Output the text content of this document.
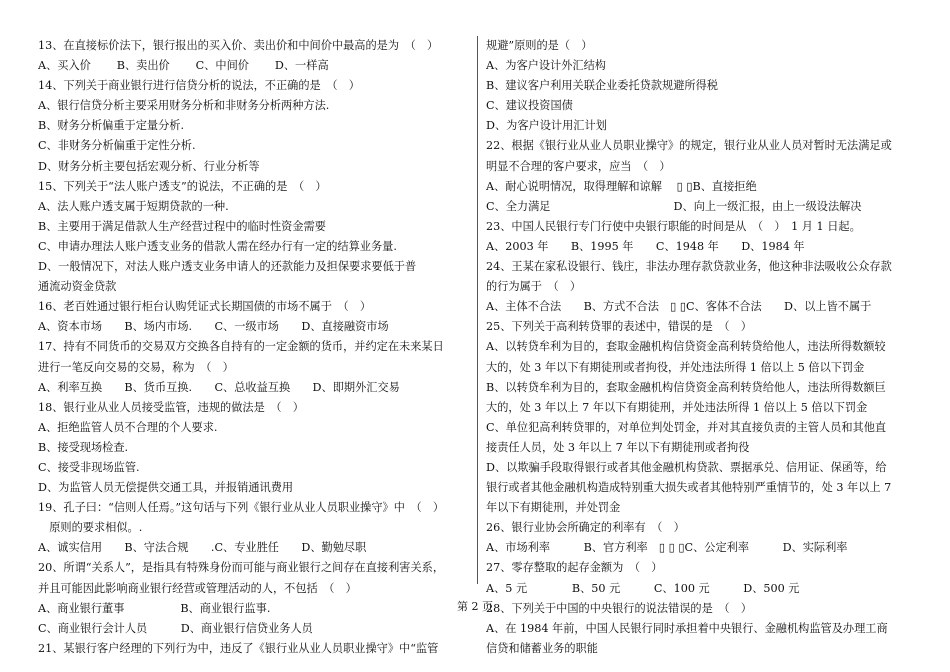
13、在直接标价法下，银行报出的买入价、卖出价和中间价中最高的是为　（　）
A、买入价　　 B、卖出价　　 C、中间价　　 D、一样高
14、下列关于商业银行进行信贷分析的说法，不正确的是　（　）
A、银行信贷分析主要采用财务分析和非财务分析两种方法.
B、财务分析偏重于定量分析.
C、非财务分析偏重于定性分析.
D、财务分析主要包括宏观分析、行业分析等
15、下列关于“法人账户透支”的说法，不正确的是　（　）
A、法人账户透支属于短期贷款的一种.
B、主要用于满足借款人生产经营过程中的临时性资金需要
C、申请办理法人账户透支业务的借款人需在经办行有一定的结算业务量.
D、一般情况下，对法人账户透支业务申请人的还款能力及担保要求要低于普
通流动资金贷款
16、老百姓通过银行柜台认购凭证式长期国债的市场不属于　（　）
A、资本市场　　B、场内市场.　　C、一级市场　　D、直接融资市场
17、持有不同货币的交易双方交换各自持有的一定金额的货币，并约定在未来某日
进行一笔反向交易的交易，称为　（　）
A、利率互换　　B、货币互换.　　C、总收益互换　　D、即期外汇交易
18、银行业从业人员接受监管，违规的做法是　（　）
A、拒绝监管人员不合理的个人要求.
B、接受现场检查.
C、接受非现场监管.
D、为监管人员无偿提供交通工具，并报销通讯费用
19、孔子曰：“信则人任焉。”这句话与下列《银行业从业人员职业操守》中　（　）
　原则的要求相似。.
A、诚实信用　　B、守法合规　　.C、专业胜任　　D、勤勉尽职
20、所谓“关系人”，是指具有特殊身份而可能与商业银行之间存在直接利害关系，
并且可能因此影响商业银行经营或管理活动的人，不包括　（　）
A、商业银行董事　　　　　B、商业银行监事.
C、商业银行会计人员　　　D、商业银行信贷业务人员
21、某银行客户经理的下列行为中，违反了《银行业从业人员职业操守》中“监管
规避”原则的是（　）
A、为客户设计外汇结构
B、建议客户利用关联企业委托贷款规避所得税
C、建议投资国债
D、为客户设计用汇计划
22、根据《银行业从业人员职业操守》的规定，银行业从业人员对暂时无法满足或
明显不合理的客户要求，应当　（　）
A、耐心说明情况，取得理解和谅解　 ▯ ▯B、直接拒绝
C、全力满足　　　　　　　　　　　D、向上一级汇报，由上一级设法解决
23、中国人民银行专门行使中央银行职能的时间是从　（　）　1 月 1 日起。
A、2003 年　　B、1995 年　　C、1948 年　　D、1984 年
24、王某在家私设银行、钱庄，非法办理存款贷款业务，他这种非法吸收公众存款
的行为属于　（　）
A、主体不合法　　B、方式不合法　▯ ▯C、客体不合法　　D、以上皆不属于
25、下列关于高利转贷罪的表述中，错误的是　（　）
A、以转贷牟利为目的，套取金融机构信贷资金高利转贷给他人，违法所得数额较
大的，处 3 年以下有期徒刑或者拘役，并处违法所得 1 倍以上 5 倍以下罚金
B、以转贷牟利为目的，套取金融机构信贷资金高利转贷给他人，违法所得数额巨
大的，处 3 年以上 7 年以下有期徒刑，并处违法所得 1 倍以上 5 倍以下罚金
C、单位犯高利转贷罪的，对单位判处罚金，并对其直接负责的主管人员和其他直
接责任人员，处 3 年以上 7 年以下有期徒刑或者拘役
D、以欺骗手段取得银行或者其他金融机构贷款、票据承兑、信用证、保函等，给
银行或者其他金融机构造成特别重大损失或者其他特别严重情节的，处 3 年以上 7
年以下有期徒刑，并处罚金
26、银行业协会所确定的利率有　（　）
A、市场利率　　　B、官方利率　▯ ▯ ▯C、公定利率　　　D、实际利率
27、零存整取的起存金额为　（　）
A、5 元　　　　B、50 元　　　C、100 元　　　D、500 元
28、下列关于中国的中央银行的说法错误的是　（　）
A、在 1984 年前，中国人民银行同时承担着中央银行、金融机构监管及办理工商
信贷和储蓄业务的职能
第 2 页
